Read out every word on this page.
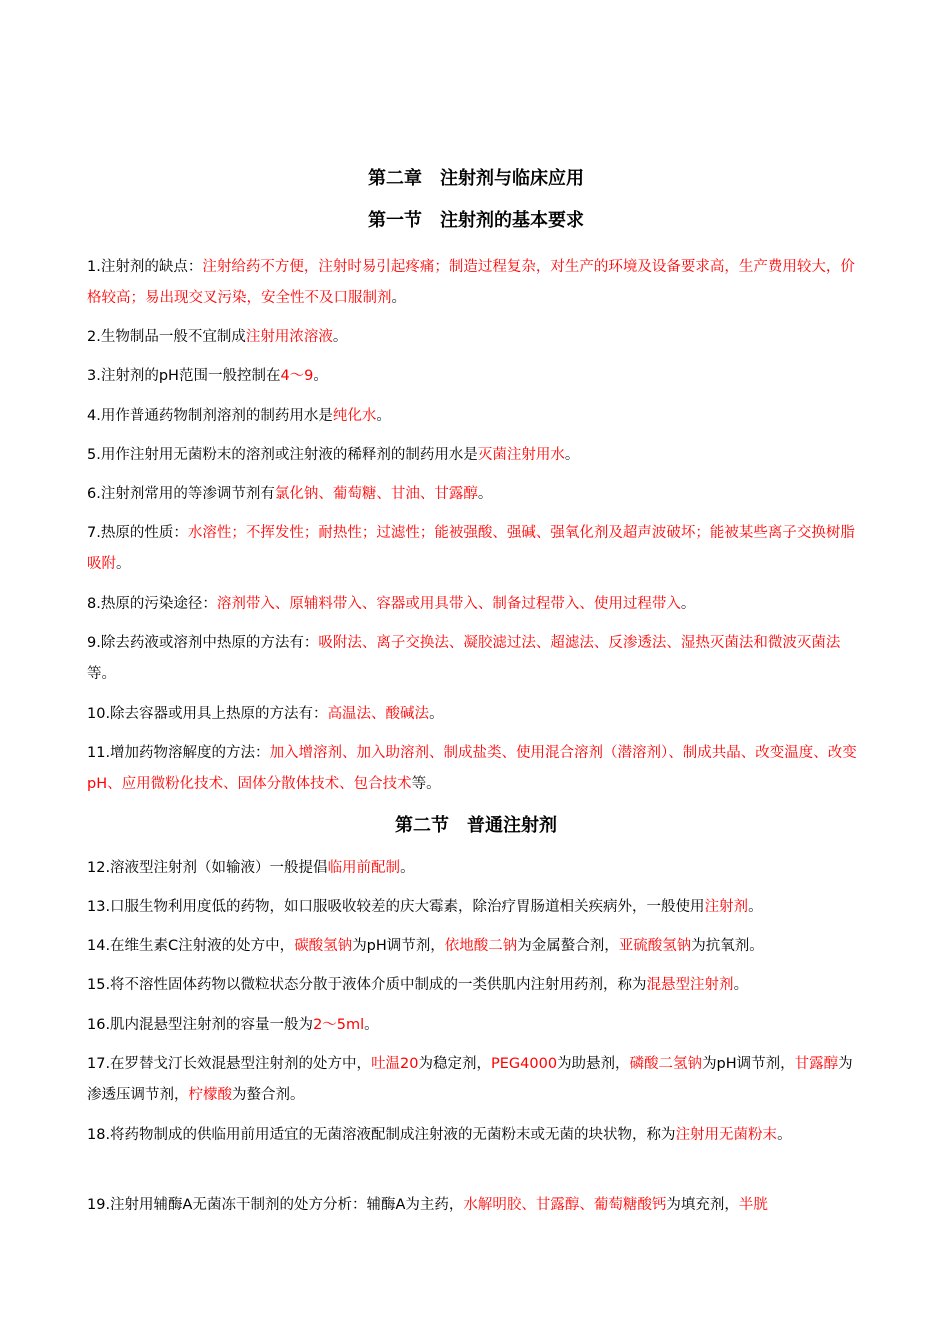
第二章　注射剂与临床应用
第一节　注射剂的基本要求

1.注射剂的缺点：注射给药不方便，注射时易引起疼痛；制造过程复杂，对生产的环境及设备要求高，生产费用较大，价格较高；易出现交叉污染，安全性不及口服制剂。

2.生物制品一般不宜制成注射用浓溶液。

3.注射剂的pH范围一般控制在4～9。

4.用作普通药物制剂溶剂的制药用水是纯化水。

5.用作注射用无菌粉末的溶剂或注射液的稀释剂的制药用水是灭菌注射用水。

6.注射剂常用的等渗调节剂有氯化钠、葡萄糖、甘油、甘露醇。

7.热原的性质：水溶性；不挥发性；耐热性；过滤性；能被强酸、强碱、强氧化剂及超声波破坏；能被某些离子交换树脂吸附。

8.热原的污染途径：溶剂带入、原辅料带入、容器或用具带入、制备过程带入、使用过程带入。

9.除去药液或溶剂中热原的方法有：吸附法、离子交换法、凝胶滤过法、超滤法、反渗透法、湿热灭菌法和微波灭菌法等。

10.除去容器或用具上热原的方法有：高温法、酸碱法。

11.增加药物溶解度的方法：加入增溶剂、加入助溶剂、制成盐类、使用混合溶剂（潜溶剂）、制成共晶、改变温度、改变pH、应用微粉化技术、固体分散体技术、包合技术等。

第二节　普通注射剂

12.溶液型注射剂（如输液）一般提倡临用前配制。

13.口服生物利用度低的药物，如口服吸收较差的庆大霉素，除治疗胃肠道相关疾病外，一般使用注射剂。

14.在维生素C注射液的处方中，碳酸氢钠为pH调节剂，依地酸二钠为金属螯合剂，亚硫酸氢钠为抗氧剂。

15.将不溶性固体药物以微粒状态分散于液体介质中制成的一类供肌内注射用药剂，称为混悬型注射剂。

16.肌内混悬型注射剂的容量一般为2～5ml。

17.在罗替戈汀长效混悬型注射剂的处方中，吐温20为稳定剂，PEG4000为助悬剂，磷酸二氢钠为pH调节剂，甘露醇为渗透压调节剂，柠檬酸为螯合剂。

18.将药物制成的供临用前用适宜的无菌溶液配制成注射液的无菌粉末或无菌的块状物，称为注射用无菌粉末。

19.注射用辅酶A无菌冻干制剂的处方分析：辅酶A为主药，水解明胶、甘露醇、葡萄糖酸钙为填充剂，半胱
